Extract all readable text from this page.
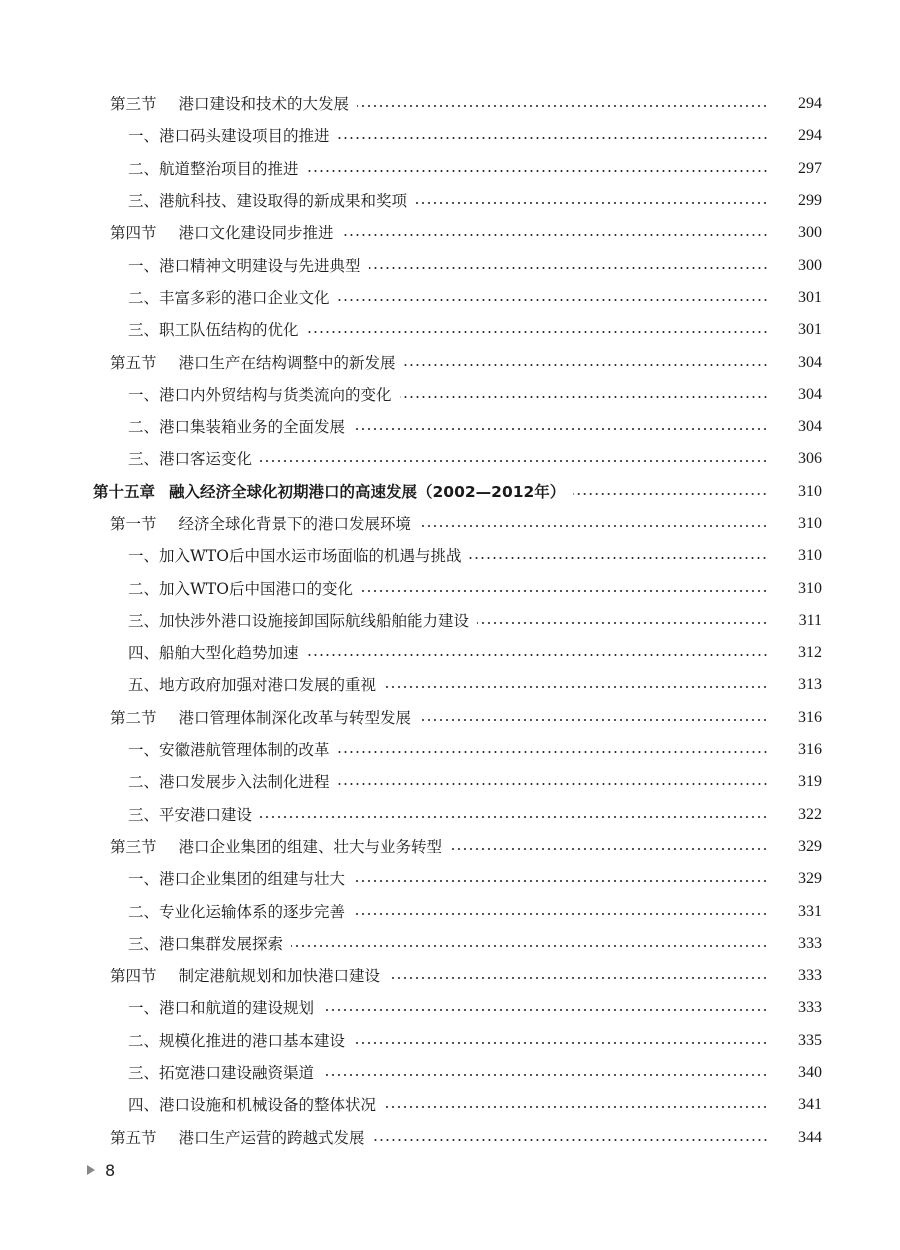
第三节 港口建设和技术的大发展	294
一、港口码头建设项目的推进	294
二、航道整治项目的推进	297
三、港航科技、建设取得的新成果和奖项	299
第四节 港口文化建设同步推进	300
一、港口精神文明建设与先进典型	300
二、丰富多彩的港口企业文化	301
三、职工队伍结构的优化	301
第五节 港口生产在结构调整中的新发展	304
一、港口内外贸结构与货类流向的变化	304
二、港口集装箱业务的全面发展	304
三、港口客运变化	306
第十五章 融入经济全球化初期港口的高速发展（2002—2012年）	310
第一节 经济全球化背景下的港口发展环境	310
一、加入WTO后中国水运市场面临的机遇与挑战	310
二、加入WTO后中国港口的变化	310
三、加快涉外港口设施接卸国际航线船舶能力建设	311
四、船舶大型化趋势加速	312
五、地方政府加强对港口发展的重视	313
第二节 港口管理体制深化改革与转型发展	316
一、安徽港航管理体制的改革	316
二、港口发展步入法制化进程	319
三、平安港口建设	322
第三节 港口企业集团的组建、壮大与业务转型	329
一、港口企业集团的组建与壮大	329
二、专业化运输体系的逐步完善	331
三、港口集群发展探索	333
第四节 制定港航规划和加快港口建设	333
一、港口和航道的建设规划	333
二、规模化推进的港口基本建设	335
三、拓宽港口建设融资渠道	340
四、港口设施和机械设备的整体状况	341
第五节 港口生产运营的跨越式发展	344
8
